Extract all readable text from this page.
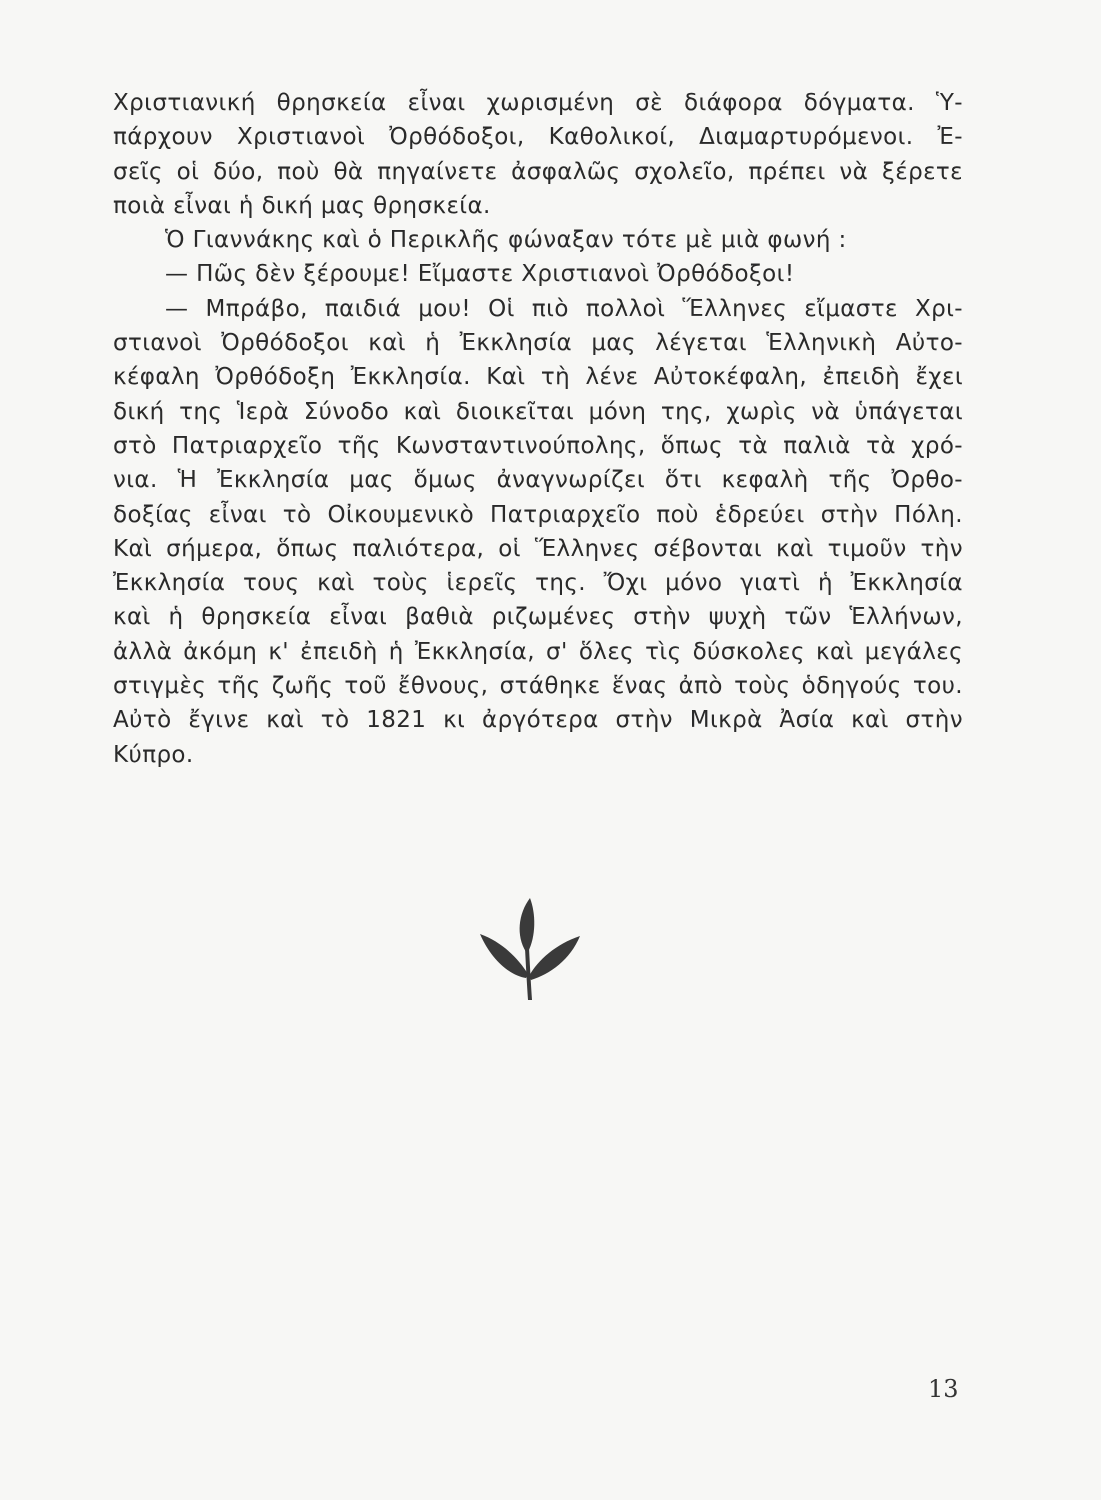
Χριστιανική θρησκεία εἶναι χωρισμένη σὲ διάφορα δόγματα. Ὑ-
πάρχουν Χριστιανοὶ Ὀρθόδοξοι, Καθολικοί, Διαμαρτυρόμενοι. Ἐ-
σεῖς οἱ δύο, ποὺ θὰ πηγαίνετε ἀσφαλῶς σχολεῖο, πρέπει νὰ ξέρετε
ποιὰ εἶναι ἡ δική μας θρησκεία.
Ὁ Γιαννάκης καὶ ὁ Περικλῆς φώναξαν τότε μὲ μιὰ φωνή :
— Πῶς δὲν ξέρουμε! Εἴμαστε Χριστιανοὶ Ὀρθόδοξοι!
— Μπράβο, παιδιά μου! Οἱ πιὸ πολλοὶ Ἕλληνες εἴμαστε Χρι-
στιανοὶ Ὀρθόδοξοι καὶ ἡ Ἐκκλησία μας λέγεται Ἑλληνικὴ Αὐτο-
κέφαλη Ὀρθόδοξη Ἐκκλησία. Καὶ τὴ λένε Αὐτοκέφαλη, ἐπειδὴ ἔχει
δική της Ἱερὰ Σύνοδο καὶ διοικεῖται μόνη της, χωρὶς νὰ ὑπάγεται
στὸ Πατριαρχεῖο τῆς Κωνσταντινούπολης, ὅπως τὰ παλιὰ τὰ χρό-
νια. Ἡ Ἐκκλησία μας ὅμως ἀναγνωρίζει ὅτι κεφαλὴ τῆς Ὀρθο-
δοξίας εἶναι τὸ Οἰκουμενικὸ Πατριαρχεῖο ποὺ ἑδρεύει στὴν Πόλη.
Καὶ σήμερα, ὅπως παλιότερα, οἱ Ἕλληνες σέβονται καὶ τιμοῦν τὴν
Ἐκκλησία τους καὶ τοὺς ἱερεῖς της. Ὄχι μόνο γιατὶ ἡ Ἐκκλησία
καὶ ἡ θρησκεία εἶναι βαθιὰ ριζωμένες στὴν ψυχὴ τῶν Ἑλλήνων,
ἀλλὰ ἀκόμη κ' ἐπειδὴ ἡ Ἐκκλησία, σ' ὅλες τὶς δύσκολες καὶ μεγάλες
στιγμὲς τῆς ζωῆς τοῦ ἔθνους, στάθηκε ἕνας ἀπὸ τοὺς ὁδηγούς του.
Αὐτὸ ἔγινε καὶ τὸ 1821 κι ἀργότερα στὴν Μικρὰ Ἀσία καὶ στὴν
Κύπρο.
13
